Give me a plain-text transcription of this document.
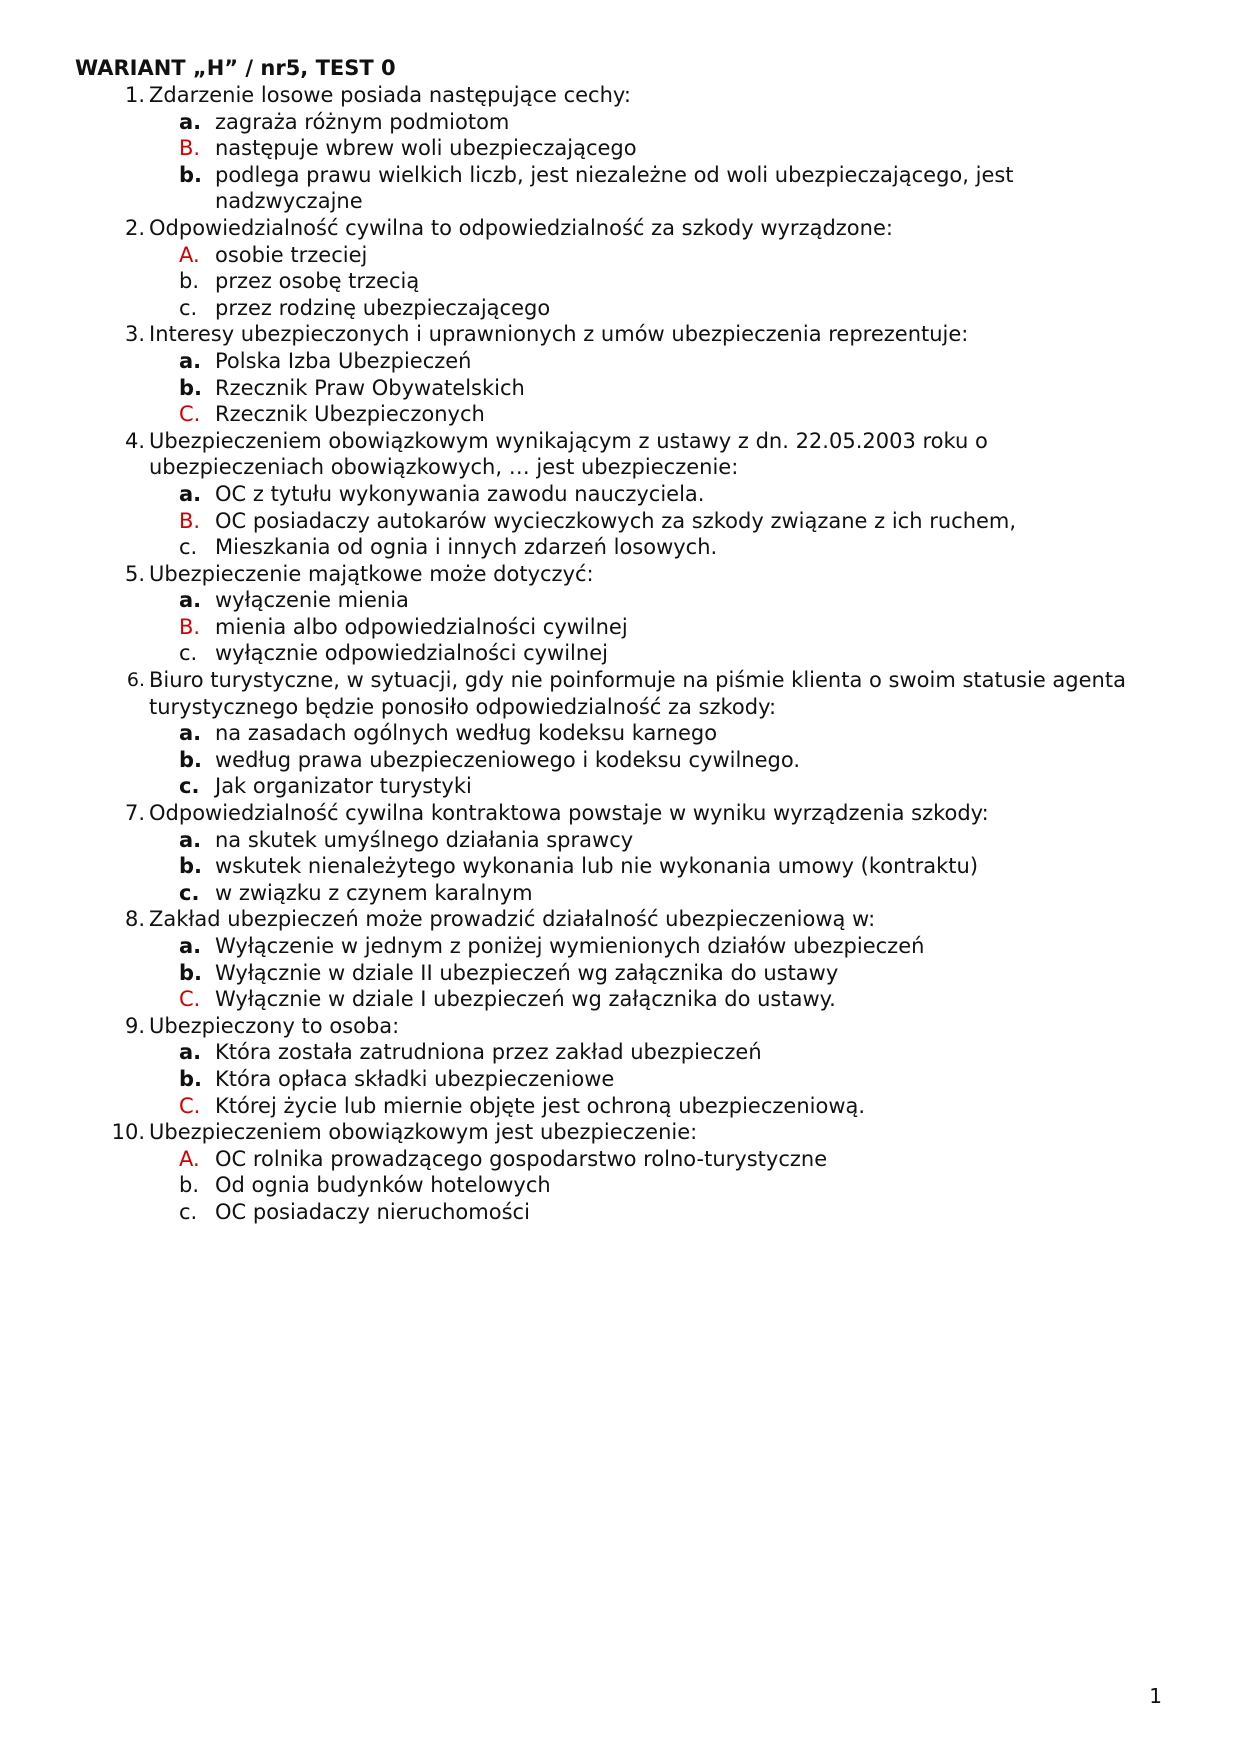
WARIANT „H” / nr5, TEST 0
1. Zdarzenie losowe posiada następujące cechy:
a. zagraża różnym podmiotom
B. następuje wbrew woli ubezpieczającego
b. podlega prawu wielkich liczb, jest niezależne od woli ubezpieczającego, jest nadzwyczajne
2. Odpowiedzialność cywilna to odpowiedzialność za szkody wyrządzone:
A. osobie trzeciej
b. przez osobę trzecią
c. przez rodzinę ubezpieczającego
3. Interesy ubezpieczonych i uprawnionych z umów ubezpieczenia reprezentuje:
a. Polska Izba Ubezpieczeń
b. Rzecznik Praw Obywatelskich
C. Rzecznik Ubezpieczonych
4. Ubezpieczeniem obowiązkowym wynikającym z ustawy z dn. 22.05.2003 roku o ubezpieczeniach obowiązkowych, … jest ubezpieczenie:
a. OC z tytułu wykonywania zawodu nauczyciela.
B. OC posiadaczy autokarów wycieczkowych za szkody związane z ich ruchem,
c. Mieszkania od ognia i innych zdarzeń losowych.
5. Ubezpieczenie majątkowe może dotyczyć:
a. wyłączenie mienia
B. mienia albo odpowiedzialności cywilnej
c. wyłącznie odpowiedzialności cywilnej
6. Biuro turystyczne, w sytuacji, gdy nie poinformuje na piśmie klienta o swoim statusie agenta turystycznego będzie ponosiło odpowiedzialność za szkody:
a. na zasadach ogólnych według kodeksu karnego
b. według prawa ubezpieczeniowego i kodeksu cywilnego.
c. Jak organizator turystyki
7. Odpowiedzialność cywilna kontraktowa powstaje w wyniku wyrządzenia szkody:
a. na skutek umyślnego działania sprawcy
b. wskutek nienależytego wykonania lub nie wykonania umowy (kontraktu)
c. w związku z czynem karalnym
8. Zakład ubezpieczeń może prowadzić działalność ubezpieczeniową w:
a. Wyłączenie w jednym z poniżej wymienionych działów ubezpieczeń
b. Wyłącznie w dziale II ubezpieczeń wg załącznika do ustawy
C. Wyłącznie w dziale I ubezpieczeń wg załącznika do ustawy.
9. Ubezpieczony to osoba:
a. Która została zatrudniona przez zakład ubezpieczeń
b. Która opłaca składki ubezpieczeniowe
C. Której życie lub miernie objęte jest ochroną ubezpieczeniową.
10. Ubezpieczeniem obowiązkowym jest ubezpieczenie:
A. OC rolnika prowadzącego gospodarstwo rolno-turystyczne
b. Od ognia budynków hotelowych
c. OC posiadaczy nieruchomości
1
